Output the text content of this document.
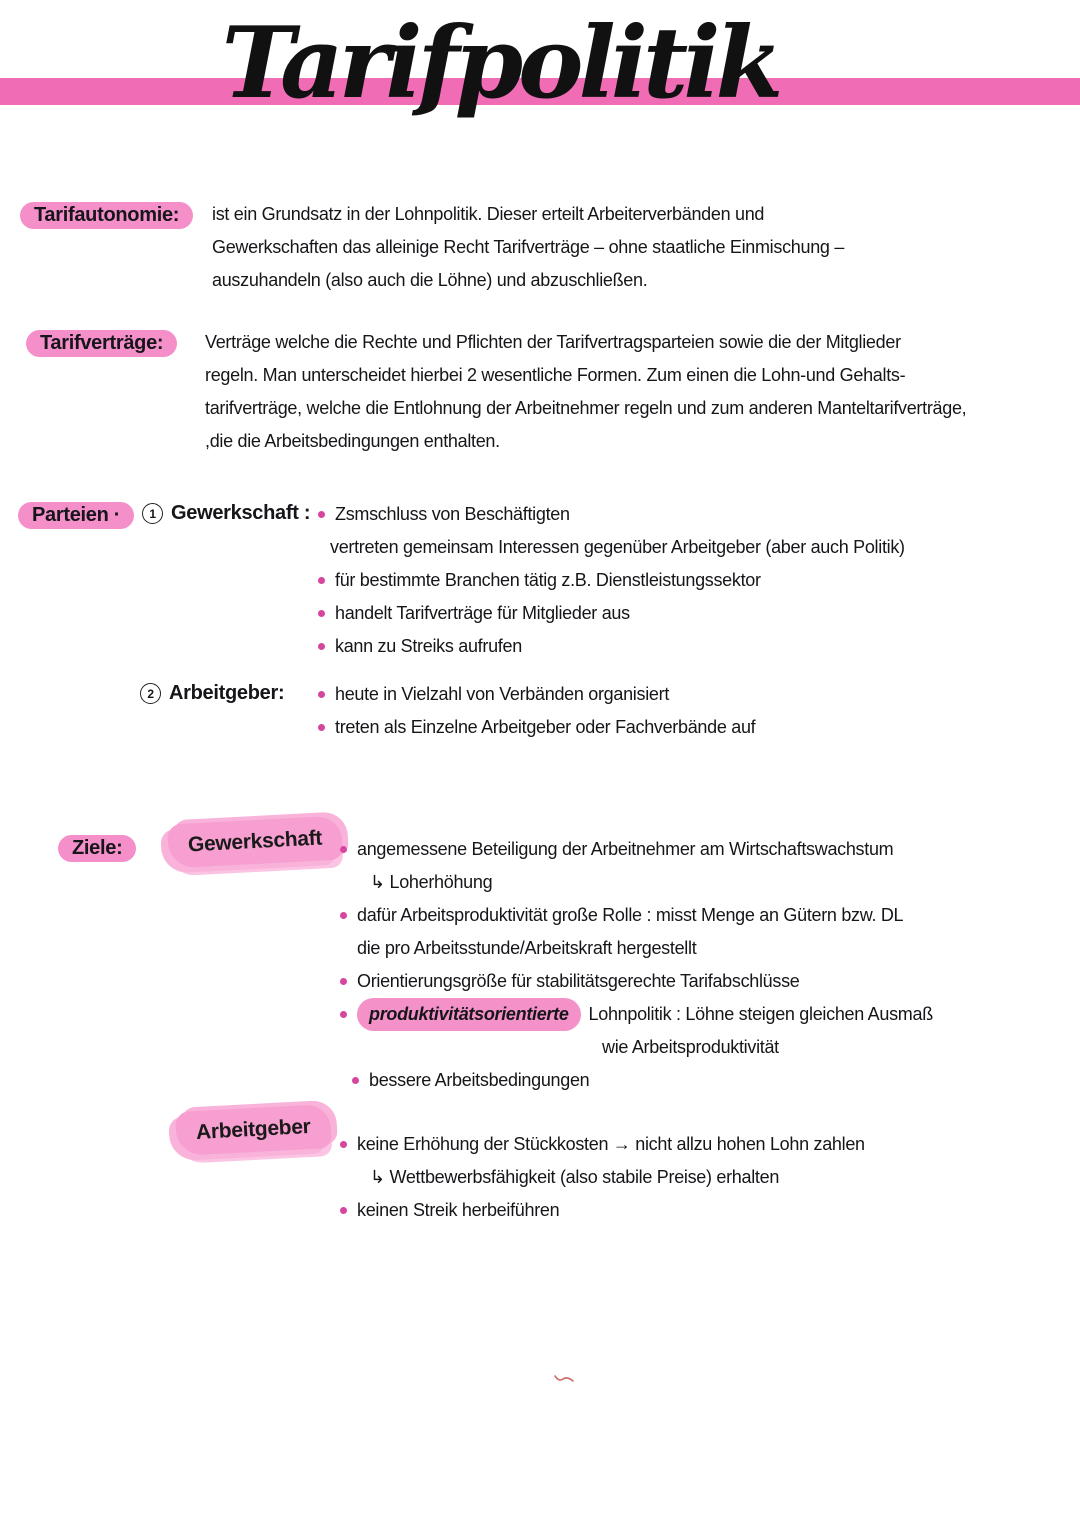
Tarifpolitik
Tarifautonomie:	ist ein Grundsatz in der Lohnpolitik. Dieser erteilt Arbeiterverbänden und
Gewerkschaften das alleinige Recht Tarifverträge – ohne staatliche Einmischung –
auszuhandeln (also auch die Löhne) und abzuschließen.
Tarifverträge:	Verträge welche die Rechte und Pflichten der Tarifvertragsparteien sowie die der Mitglieder
regeln. Man unterscheidet hierbei 2 wesentliche Formen. Zum einen die Lohn-und Gehalts-
tarifverträge, welche die Entlohnung der Arbeitnehmer regeln und zum anderen Manteltarifverträge,
,die die Arbeitsbedingungen enthalten.
Parteien ·	1 Gewerkschaft : Zsmschluss von Beschäftigten
vertreten gemeinsam Interessen gegenüber Arbeitgeber (aber auch Politik)
für bestimmte Branchen tätig z.B. Dienstleistungssektor
handelt Tarifverträge für Mitglieder aus
kann zu Streiks aufrufen
2 Arbeitgeber:	heute in Vielzahl von Verbänden organisiert
treten als Einzelne Arbeitgeber oder Fachverbände auf
Ziele:	Gewerkschaft	angemessene Beteiligung der Arbeitnehmer am Wirtschaftswachstum
↳ Loherhöhung
dafür Arbeitsproduktivität große Rolle : misst Menge an Gütern bzw. DL
die pro Arbeitsstunde/Arbeitskraft hergestellt
Orientierungsgröße für stabilitätsgerechte Tarifabschlüsse
produktivitätsorientierte Lohnpolitik : Löhne steigen gleichen Ausmaß
wie Arbeitsproduktivität
bessere Arbeitsbedingungen
Arbeitgeber
keine Erhöhung der Stückkosten → nicht allzu hohen Lohn zahlen
↳ Wettbewerbsfähigkeit (also stabile Preise) erhalten
keinen Streik herbeiführen
